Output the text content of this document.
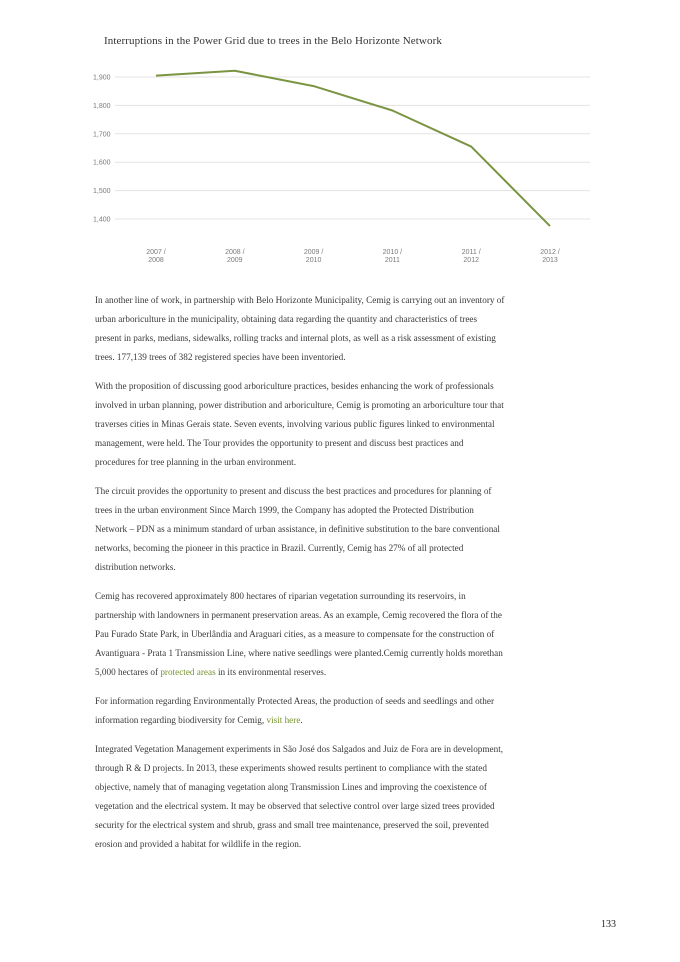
Interruptions in the Power Grid due to trees in the Belo Horizonte Network
1,900
1,800
1,700
1,600
1,500
1,400
2007 / 2008
2008 / 2009
2009 / 2010
2010 / 2011
2011 / 2012
2012 / 2013

In another line of work, in partnership with Belo Horizonte Municipality, Cemig is carrying out an inventory of urban arboriculture in the municipality, obtaining data regarding the quantity and characteristics of trees present in parks, medians, sidewalks, rolling tracks and internal plots, as well as a risk assessment of existing trees. 177,139 trees of 382 registered species have been inventoried.

With the proposition of discussing good arboriculture practices, besides enhancing the work of professionals involved in urban planning, power distribution and arboriculture, Cemig is promoting an arboriculture tour that traverses cities in Minas Gerais state. Seven events, involving various public figures linked to environmental management, were held. The Tour provides the opportunity to present and discuss best practices and procedures for tree planning in the urban environment.

The circuit provides the opportunity to present and discuss the best practices and procedures for planning of trees in the urban environment Since March 1999, the Company has adopted the Protected Distribution Network – PDN as a minimum standard of urban assistance, in definitive substitution to the bare conventional networks, becoming the pioneer in this practice in Brazil. Currently, Cemig has 27% of all protected distribution networks.

Cemig has recovered approximately 800 hectares of riparian vegetation surrounding its reservoirs, in partnership with landowners in permanent preservation areas. As an example, Cemig recovered the flora of the Pau Furado State Park, in Uberlândia and Araguari cities, as a measure to compensate for the construction of Avantiguara - Prata 1 Transmission Line, where native seedlings were planted.Cemig currently holds morethan 5,000 hectares of protected areas in its environmental reserves.

For information regarding Environmentally Protected Areas, the production of seeds and seedlings and other information regarding biodiversity for Cemig, visit here.

Integrated Vegetation Management experiments in São José dos Salgados and Juiz de Fora are in development, through R & D projects. In 2013, these experiments showed results pertinent to compliance with the stated objective, namely that of managing vegetation along Transmission Lines and improving the coexistence of vegetation and the electrical system. It may be observed that selective control over large sized trees provided security for the electrical system and shrub, grass and small tree maintenance, preserved the soil, prevented erosion and provided a habitat for wildlife in the region.

133
